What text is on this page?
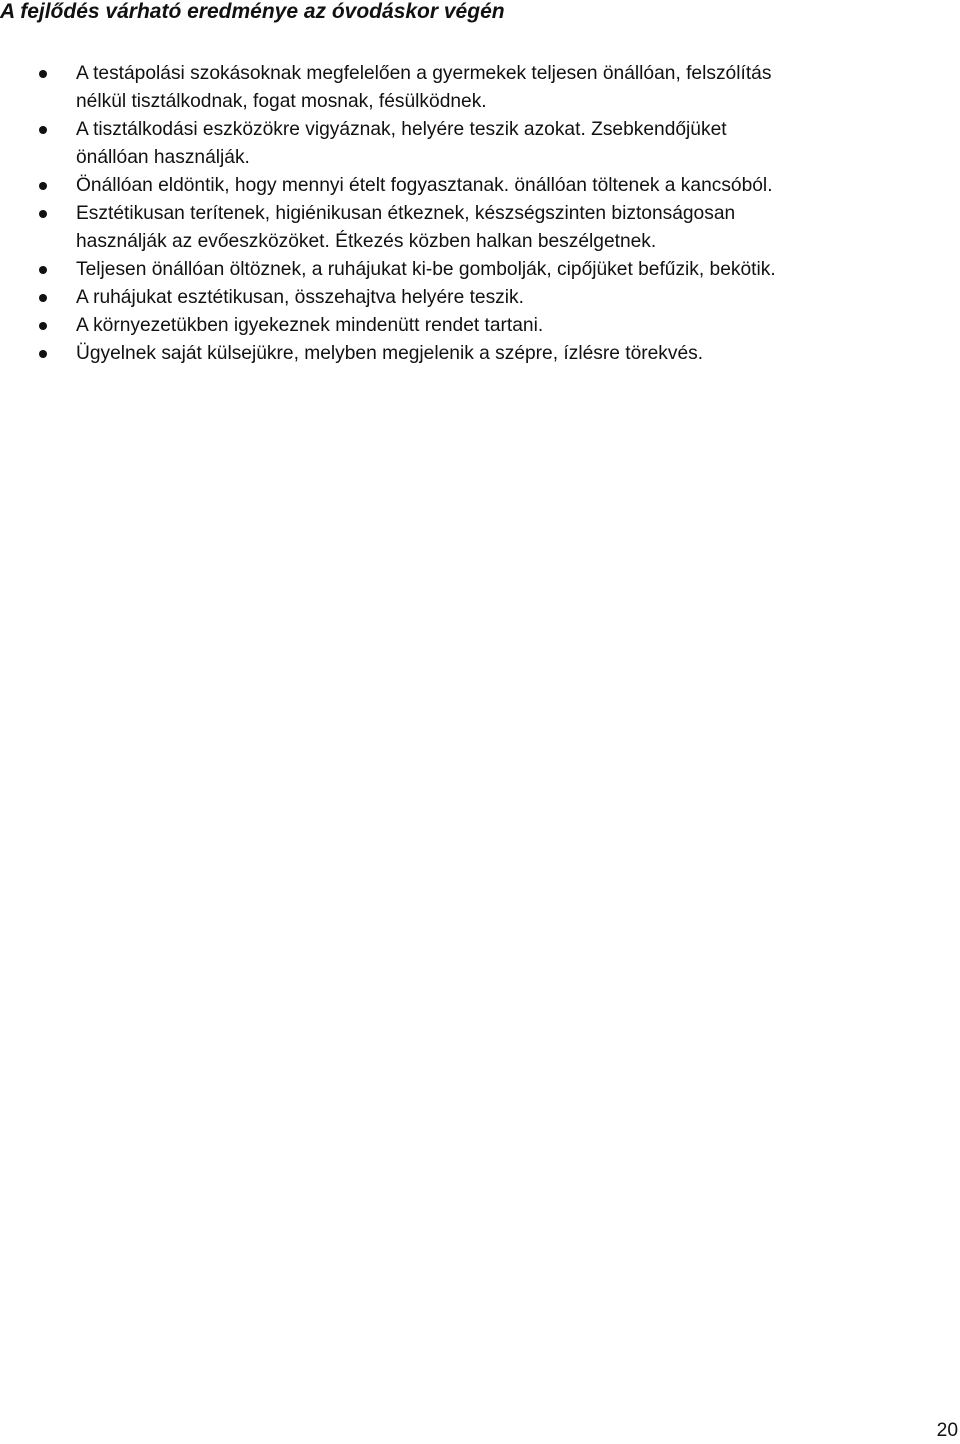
A fejlődés várható eredménye az óvodáskor végén
A testápolási szokásoknak megfelelően a gyermekek teljesen önállóan, felszólítás
nélkül tisztálkodnak, fogat mosnak, fésülködnek.
A tisztálkodási eszközökre vigyáznak, helyére teszik azokat. Zsebkendőjüket
önállóan használják.
Önállóan eldöntik, hogy mennyi ételt fogyasztanak. önállóan töltenek a kancsóból.
Esztétikusan terítenek, higiénikusan étkeznek, készségszinten biztonságosan
használják az evőeszközöket. Étkezés közben halkan beszélgetnek.
Teljesen önállóan öltöznek, a ruhájukat ki-be gombolják, cipőjüket befűzik, bekötik.
A ruhájukat esztétikusan, összehajtva helyére teszik.
A környezetükben igyekeznek mindenütt rendet tartani.
Ügyelnek saját külsejükre, melyben megjelenik a szépre, ízlésre törekvés.
20
